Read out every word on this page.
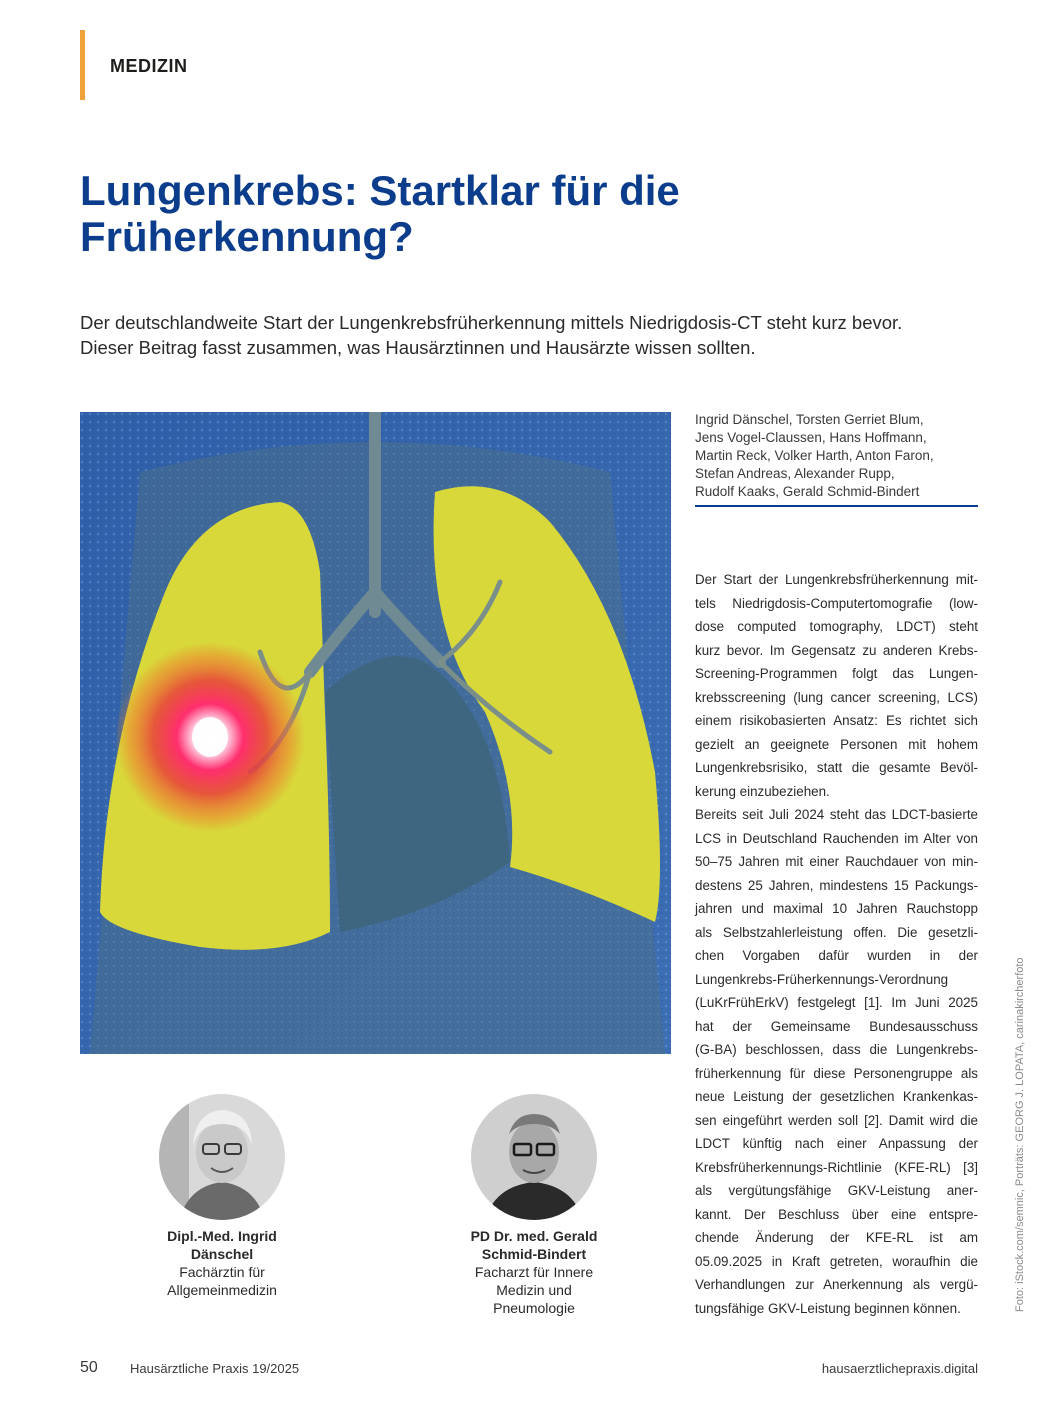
MEDIZIN
Lungenkrebs: Startklar für die
Früherkennung?
Der deutschlandweite Start der Lungenkrebsfrüherkennung mittels Niedrigdosis-CT steht kurz bevor.
Dieser Beitrag fasst zusammen, was Hausärztinnen und Hausärzte wissen sollten.
Ingrid Dänschel, Torsten Gerriet Blum,
Jens Vogel-Claussen, Hans Hoffmann,
Martin Reck, Volker Harth, Anton Faron,
Stefan Andreas, Alexander Rupp,
Rudolf Kaaks, Gerald Schmid-Bindert
Der Start der Lungenkrebsfrüherkennung mit-
tels Niedrigdosis-Computertomografie (low-
dose computed tomography, LDCT) steht
kurz bevor. Im Gegensatz zu anderen Krebs-
Screening-Programmen folgt das Lungen-
krebsscreening (lung cancer screening, LCS)
einem risikobasierten Ansatz: Es richtet sich
gezielt an geeignete Personen mit hohem
Lungenkrebsrisiko, statt die gesamte Bevöl-
kerung einzubeziehen.
Bereits seit Juli 2024 steht das LDCT-basierte
LCS in Deutschland Rauchenden im Alter von
50–75 Jahren mit einer Rauchdauer von min-
destens 25 Jahren, mindestens 15 Packungs-
jahren und maximal 10 Jahren Rauchstopp
als Selbstzahlerleistung offen. Die gesetzli-
chen Vorgaben dafür wurden in der
Lungenkrebs-Früherkennungs-Verordnung
(LuKrFrühErkV) festgelegt [1]. Im Juni 2025
hat der Gemeinsame Bundesausschuss
(G-BA) beschlossen, dass die Lungenkrebs-
früherkennung für diese Personengruppe als
neue Leistung der gesetzlichen Krankenkas-
sen eingeführt werden soll [2]. Damit wird die
LDCT künftig nach einer Anpassung der
Krebsfrüherkennungs-Richtlinie (KFE-RL) [3]
als vergütungsfähige GKV-Leistung aner-
kannt. Der Beschluss über eine entspre-
chende Änderung der KFE-RL ist am
05.09.2025 in Kraft getreten, woraufhin die
Verhandlungen zur Anerkennung als vergü-
tungsfähige GKV-Leistung beginnen können.	Foto: iStock.com/semnic, Porträts: GEORG J. LOPATA, carinakircherfoto
Dipl.-Med. Ingrid
Dänschel
Fachärztin für
Allgemeinmedizin
PD Dr. med. Gerald
Schmid-Bindert
Facharzt für Innere
Medizin und
Pneumologie
50 Hausärztliche Praxis 19/2025	hausaerztlichepraxis.digital
